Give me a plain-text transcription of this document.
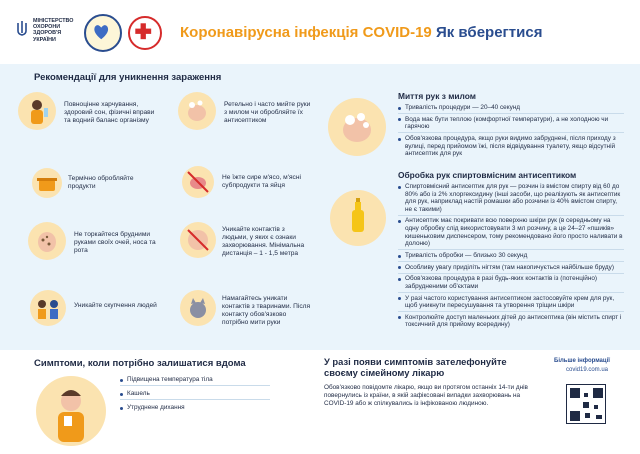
МІНІСТЕРСТВО ОХОРОНИ ЗДОРОВ'Я УКРАЇНИ	Коронавірусна інфекція COVID-19 Як вберегтися
Рекомендації для уникнення зараження
Повноцінне харчування, здоровий сон, фізичні вправи та водний баланс організму
Ретельно і часто мийте руки з милом чи обробляйте їх антисептиком
Термічно обробляйте продукти
Не їжте сире м'ясо, м'ясні субпродукти та яйця
Не торкайтеся брудними руками своїх очей, носа та рота
Уникайте контактів з людьми, у яких є ознаки захворювання. Мінімальна дистанція – 1 - 1,5 метра
Уникайте скупчення людей
Намагайтесь уникати контактів з тваринами. Після контакту обов'язково потрібно мити руки
Миття рук з милом
Тривалість процедури — 20–40 секунд
Вода має бути теплою (комфортної температури), а не холодною чи гарячою
Обов'язкова процедура, якщо руки видимо забруднені, після приходу з вулиці, перед прийомом їжі, після відвідування туалету, якщо відсутній антисептик для рук
Обробка рук спиртовмісним антисептиком
Спиртовмісний антисептик для рук — розчин із вмістом спирту від 60 до 80% або із 2% хлоргексидину (інші засоби, що реалізують як антисептик для рук, наприклад настій ромашки або розчини із 40% вмістом спирту, не є такими)
Антисептик має покривати всю поверхню шкіри рук (в середньому на одну обробку слід використовувати 3 мл розчину, а це 24–27 «пшиків» кишеньковим диспенсером, тому рекомендовано його просто наливати в долоню)
Тривалість обробки — близько 30 секунд
Особливу увагу приділіть нігтям (там накопичується найбільше бруду)
Обов'язкова процедура в разі будь-яких контактів із (потенційно) забрудненими об'єктами
У разі частого користування антисептиком застосовуйте крем для рук, щоб уникнути пересушування та утворення тріщин шкіри
Контролюйте доступ маленьких дітей до антисептика (він містить спирт і токсичний для прийому всередину)
Симптоми, коли потрібно залишатися вдома
Підвищена температура тіла
Кашель
Утруднене дихання
У разі появи симптомів зателефонуйте своєму сімейному лікарю
Обов'язково повідомте лікарю, якщо ви протягом останніх 14-ти днів повернулись із країни, в якій зафіксовані випадки захворювань на COVID-19 або ж спілкувались із інфікованою людиною.
Більше інформації
covid19.com.ua
